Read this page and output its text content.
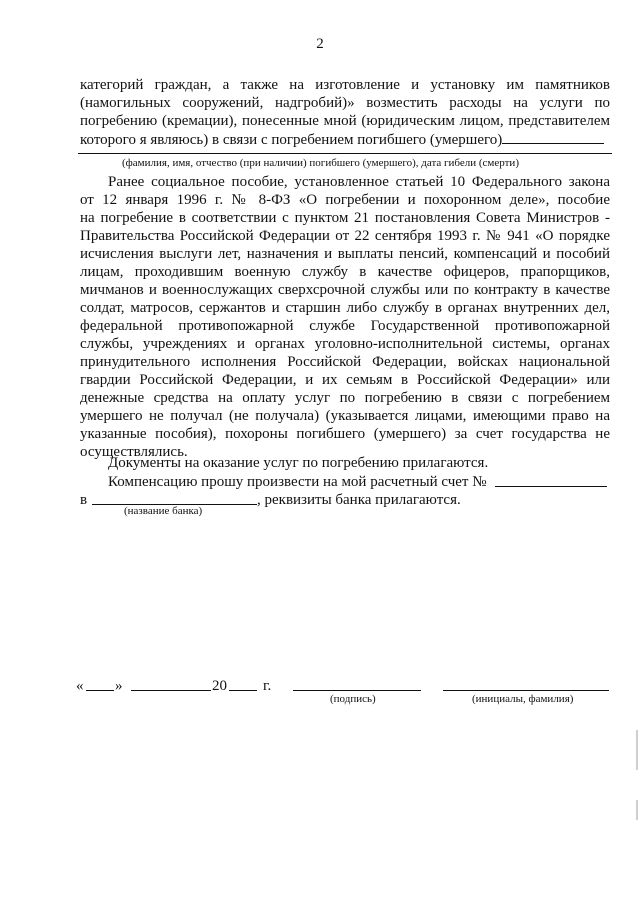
2
категорий граждан, а также на изготовление и установку им памятников
(намогильных сооружений, надгробий)» возместить расходы на услуги по
погребению (кремации), понесенные мной (юридическим лицом, представителем
которого я являюсь) в связи с погребением погибшего (умершего)
(фамилия, имя, отчество (при наличии) погибшего (умершего), дата гибели (смерти)
Ранее социальное пособие, установленное статьей 10 Федерального закона
от 12 января 1996 г. № 8-ФЗ «О погребении и похоронном деле», пособие
на погребение в соответствии с пунктом 21 постановления Совета Министров -
Правительства Российской Федерации от 22 сентября 1993 г. № 941 «О порядке
исчисления выслуги лет, назначения и выплаты пенсий, компенсаций и пособий
лицам, проходившим военную службу в качестве офицеров, прапорщиков,
мичманов и военнослужащих сверхсрочной службы или по контракту в качестве
солдат, матросов, сержантов и старшин либо службу в органах внутренних дел,
федеральной противопожарной службе Государственной противопожарной
службы, учреждениях и органах уголовно-исполнительной системы, органах
принудительного исполнения Российской Федерации, войсках национальной
гвардии Российской Федерации, и их семьям в Российской Федерации» или
денежные средства на оплату услуг по погребению в связи с погребением
умершего не получал (не получала) (указывается лицами, имеющими право на
указанные пособия), похороны погибшего (умершего) за счет государства не
осуществлялись.
Документы на оказание услуг по погребению прилагаются.
Компенсацию прошу произвести на мой расчетный счет №
в	, реквизиты банка прилагаются.
(название банка)
« »	20 г.
(подпись)	(инициалы, фамилия)
